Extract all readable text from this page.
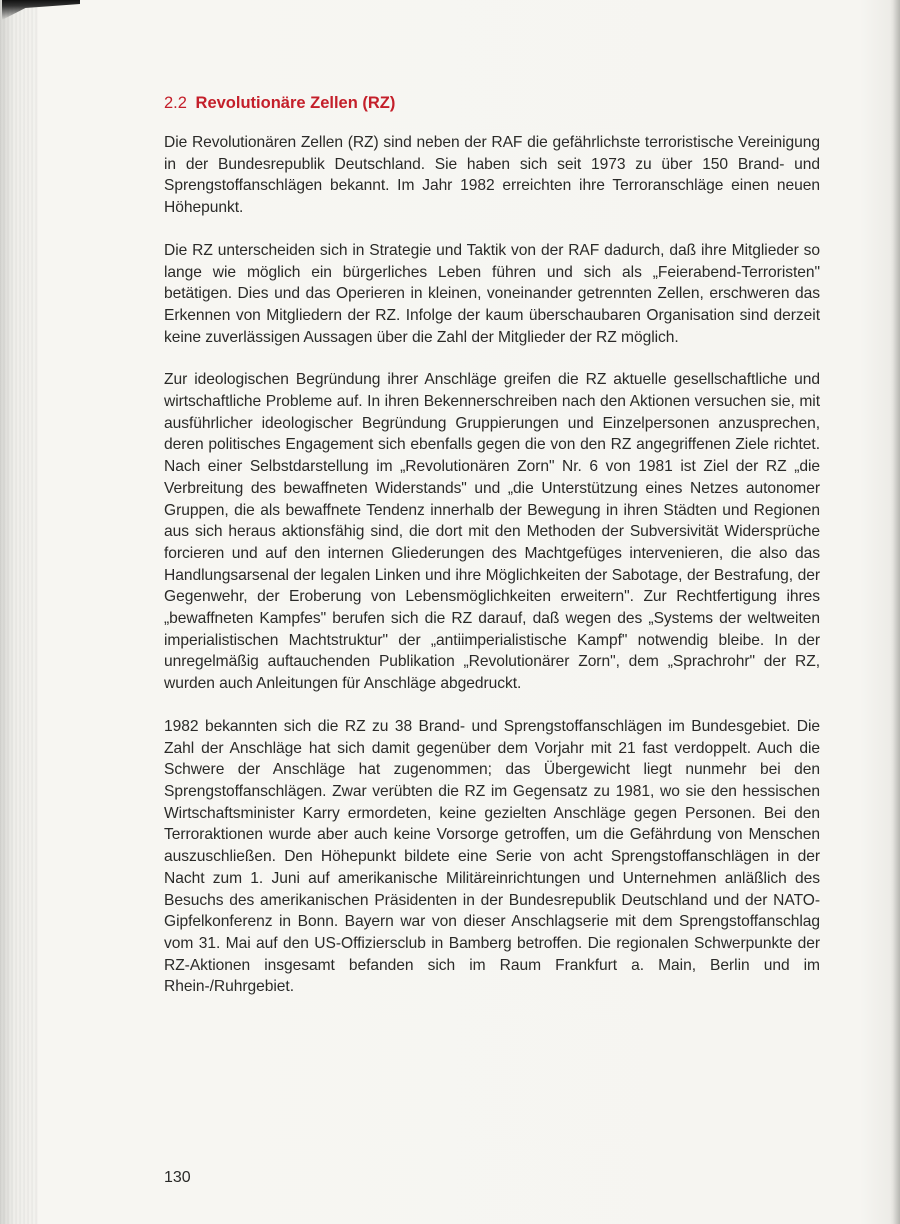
2.2 Revolutionäre Zellen (RZ)

Die Revolutionären Zellen (RZ) sind neben der RAF die gefährlichste terroristische Vereinigung in der Bundesrepublik Deutschland. Sie haben sich seit 1973 zu über 150 Brand- und Sprengstoffanschlägen bekannt. Im Jahr 1982 erreichten ihre Terroranschläge einen neuen Höhepunkt.

Die RZ unterscheiden sich in Strategie und Taktik von der RAF dadurch, daß ihre Mitglieder so lange wie möglich ein bürgerliches Leben führen und sich als „Feierabend-Terroristen" betätigen. Dies und das Operieren in kleinen, voneinander getrennten Zellen, erschweren das Erkennen von Mitgliedern der RZ. Infolge der kaum überschaubaren Organisation sind derzeit keine zuverlässigen Aussagen über die Zahl der Mitglieder der RZ möglich.

Zur ideologischen Begründung ihrer Anschläge greifen die RZ aktuelle gesellschaftliche und wirtschaftliche Probleme auf. In ihren Bekennerschreiben nach den Aktionen versuchen sie, mit ausführlicher ideologischer Begründung Gruppierungen und Einzelpersonen anzusprechen, deren politisches Engagement sich ebenfalls gegen die von den RZ angegriffenen Ziele richtet. Nach einer Selbstdarstellung im „Revolutionären Zorn" Nr. 6 von 1981 ist Ziel der RZ „die Verbreitung des bewaffneten Widerstands" und „die Unterstützung eines Netzes autonomer Gruppen, die als bewaffnete Tendenz innerhalb der Bewegung in ihren Städten und Regionen aus sich heraus aktionsfähig sind, die dort mit den Methoden der Subversivität Widersprüche forcieren und auf den internen Gliederungen des Machtgefüges intervenieren, die also das Handlungsarsenal der legalen Linken und ihre Möglichkeiten der Sabotage, der Bestrafung, der Gegenwehr, der Eroberung von Lebensmöglichkeiten erweitern". Zur Rechtfertigung ihres „bewaffneten Kampfes" berufen sich die RZ darauf, daß wegen des „Systems der weltweiten imperialistischen Machtstruktur" der „antiimperialistische Kampf" notwendig bleibe. In der unregelmäßig auftauchenden Publikation „Revolutionärer Zorn", dem „Sprachrohr" der RZ, wurden auch Anleitungen für Anschläge abgedruckt.

1982 bekannten sich die RZ zu 38 Brand- und Sprengstoffanschlägen im Bundesgebiet. Die Zahl der Anschläge hat sich damit gegenüber dem Vorjahr mit 21 fast verdoppelt. Auch die Schwere der Anschläge hat zugenommen; das Übergewicht liegt nunmehr bei den Sprengstoffanschlägen. Zwar verübten die RZ im Gegensatz zu 1981, wo sie den hessischen Wirtschaftsminister Karry ermordeten, keine gezielten Anschläge gegen Personen. Bei den Terroraktionen wurde aber auch keine Vorsorge getroffen, um die Gefährdung von Menschen auszuschließen. Den Höhepunkt bildete eine Serie von acht Sprengstoffanschlägen in der Nacht zum 1. Juni auf amerikanische Militäreinrichtungen und Unternehmen anläßlich des Besuchs des amerikanischen Präsidenten in der Bundesrepublik Deutschland und der NATO-Gipfelkonferenz in Bonn. Bayern war von dieser Anschlagserie mit dem Sprengstoffanschlag vom 31. Mai auf den US-Offiziersclub in Bamberg betroffen. Die regionalen Schwerpunkte der RZ-Aktionen insgesamt befanden sich im Raum Frankfurt a. Main, Berlin und im Rhein-/Ruhrgebiet.

130
